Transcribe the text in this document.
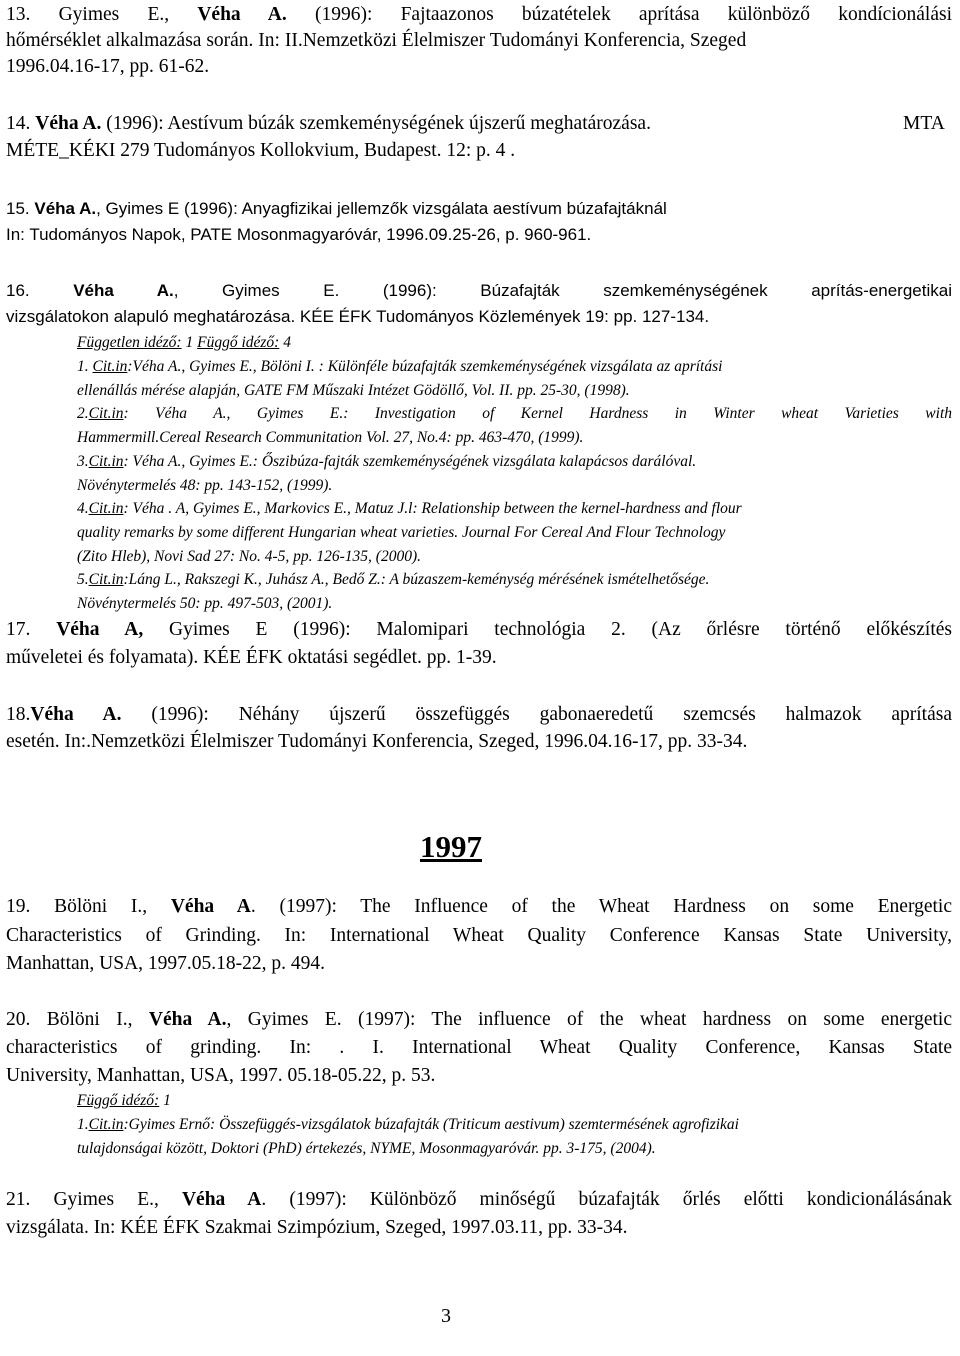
13. Gyimes E., Véha A. (1996): Fajtaazonos búzatételek aprítása különböző kondícionálási
hőmérséklet alkalmazása során. In: II.Nemzetközi Élelmiszer Tudományi Konferencia, Szeged
1996.04.16-17, pp. 61-62.
14. Véha A. (1996): Aestívum búzák szemkeménységének újszerű meghatározása.	MTA
MÉTE_KÉKI 279 Tudományos Kollokvium, Budapest. 12: p. 4 .
15. Véha A., Gyimes E (1996): Anyagfizikai jellemzők vizsgálata aestívum búzafajtáknál
In: Tudományos Napok, PATE Mosonmagyaróvár, 1996.09.25-26, p. 960-961.
16. Véha A., Gyimes E. (1996): Búzafajták szemkeménységének aprítás-energetikai
vizsgálatokon alapuló meghatározása. KÉE ÉFK Tudományos Közlemények 19: pp. 127-134.
Független idéző: 1 Függő idéző: 4
1. Cit.in:Véha A., Gyimes E., Bölöni I. : Különféle búzafajták szemkeménységének vizsgálata az aprítási
ellenállás mérése alapján, GATE FM Műszaki Intézet Gödöllő, Vol. II. pp. 25-30, (1998).
2.Cit.in: Véha A., Gyimes E.: Investigation of Kernel Hardness in Winter wheat Varieties with
Hammermill.Cereal Research Communitation Vol. 27, No.4: pp. 463-470, (1999).
3.Cit.in: Véha A., Gyimes E.: Őszibúza-fajták szemkeménységének vizsgálata kalapácsos darálóval.
Növénytermelés 48: pp. 143-152, (1999).
4.Cit.in: Véha . A, Gyimes E., Markovics E., Matuz J.l: Relationship between the kernel-hardness and flour
quality remarks by some different Hungarian wheat varieties. Journal For Cereal And Flour Technology
(Zito Hleb), Novi Sad 27: No. 4-5, pp. 126-135, (2000).
5.Cit.in:Láng L., Rakszegi K., Juhász A., Bedő Z.: A búzaszem-keménység mérésének ismételhetősége.
Növénytermelés 50: pp. 497-503, (2001).
17. Véha A, Gyimes E (1996): Malomipari technológia 2. (Az őrlésre történő előkészítés
műveletei és folyamata). KÉE ÉFK oktatási segédlet. pp. 1-39.
18.Véha A. (1996): Néhány újszerű összefüggés gabonaeredetű szemcsés halmazok aprítása
esetén. In:.Nemzetközi Élelmiszer Tudományi Konferencia, Szeged, 1996.04.16-17, pp. 33-34.
1997
19. Bölöni I., Véha A. (1997): The Influence of the Wheat Hardness on some Energetic
Characteristics of Grinding. In: International Wheat Quality Conference Kansas State University,
Manhattan, USA, 1997.05.18-22, p. 494.
20. Bölöni I., Véha A., Gyimes E. (1997): The influence of the wheat hardness on some energetic
characteristics of grinding. In: . I. International Wheat Quality Conference, Kansas State
University, Manhattan, USA, 1997. 05.18-05.22, p. 53.
Függő idéző: 1
1.Cit.in:Gyimes Ernő: Összefüggés-vizsgálatok búzafajták (Triticum aestivum) szemtermésének agrofizikai
tulajdonságai között, Doktori (PhD) értekezés, NYME, Mosonmagyaróvár. pp. 3-175, (2004).
21. Gyimes E., Véha A. (1997): Különböző minőségű búzafajták őrlés előtti kondicionálásának
vizsgálata. In: KÉE ÉFK Szakmai Szimpózium, Szeged, 1997.03.11, pp. 33-34.
3
